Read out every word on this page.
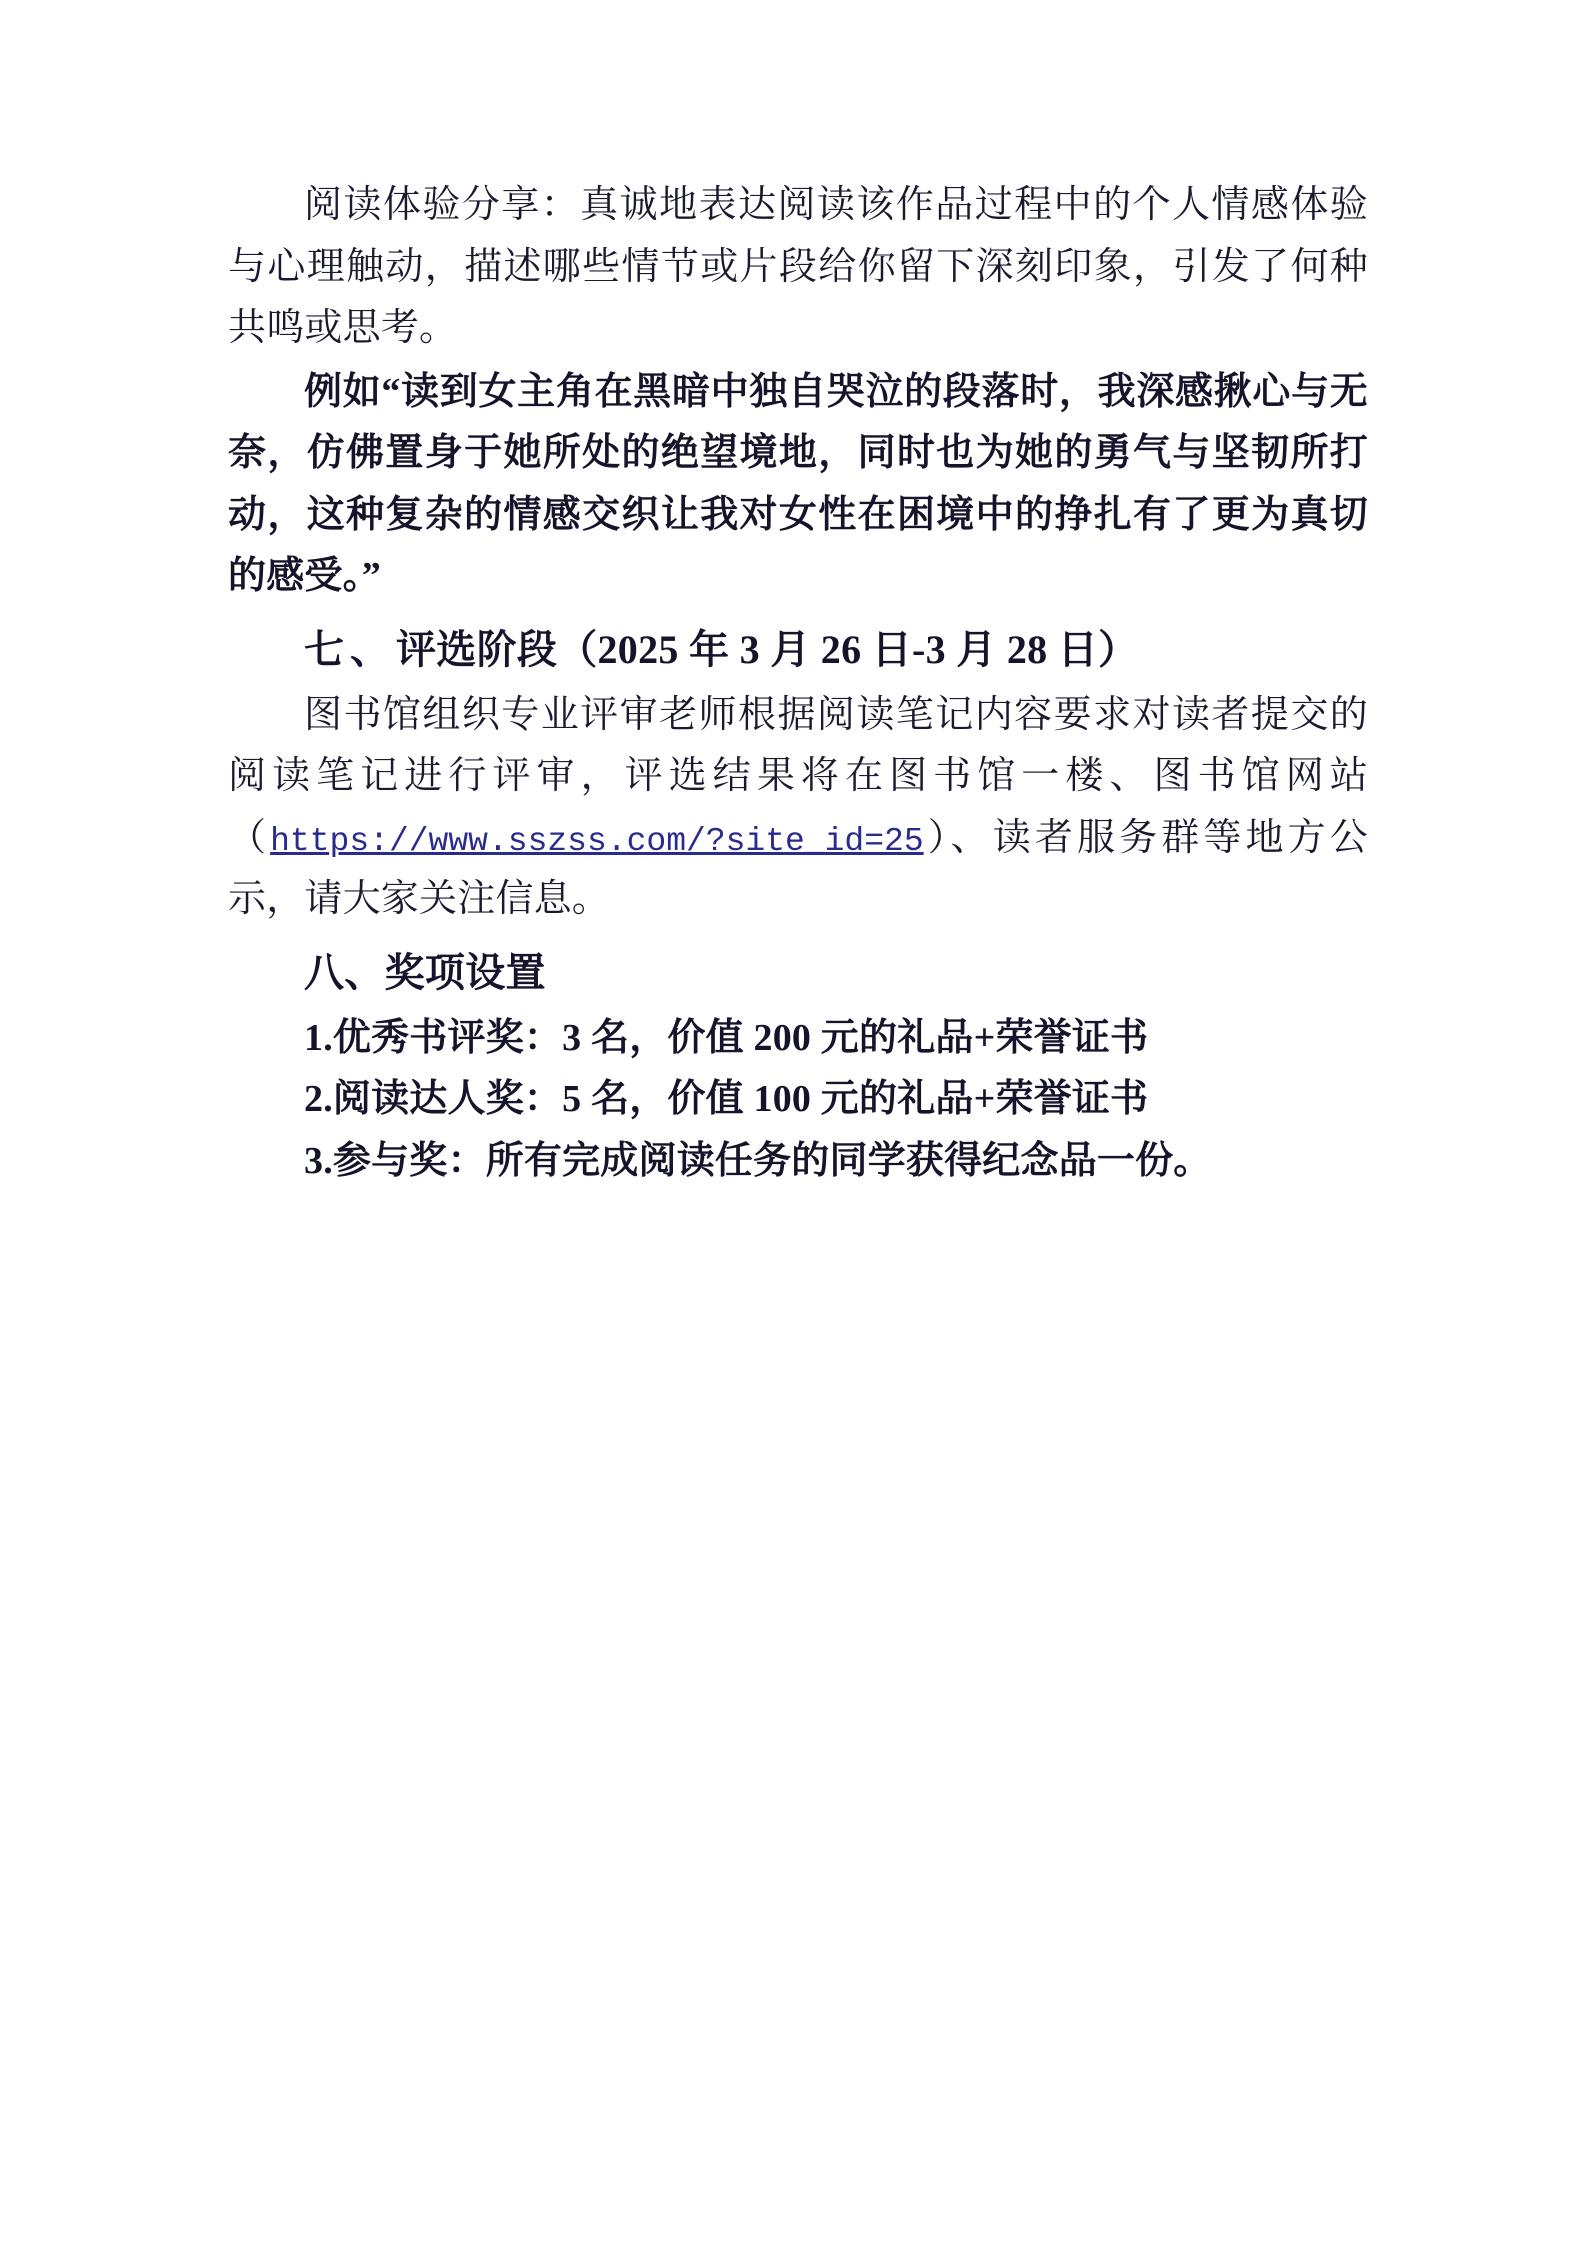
阅读体验分享：真诚地表达阅读该作品过程中的个人情感体验与心理触动，描述哪些情节或片段给你留下深刻印象，引发了何种共鸣或思考。

例如“读到女主角在黑暗中独自哭泣的段落时，我深感揪心与无奈，仿佛置身于她所处的绝望境地，同时也为她的勇气与坚韧所打动，这种复杂的情感交织让我对女性在困境中的挣扎有了更为真切的感受。”

七、评选阶段（2025 年 3 月 26 日-3 月 28 日）

图书馆组织专业评审老师根据阅读笔记内容要求对读者提交的阅读笔记进行评审，评选结果将在图书馆一楼、图书馆网站（https://www.sszss.com/?site_id=25）、读者服务群等地方公示，请大家关注信息。

八、奖项设置

1.优秀书评奖：3 名，价值 200 元的礼品+荣誉证书

2.阅读达人奖：5 名，价值 100 元的礼品+荣誉证书

3.参与奖：所有完成阅读任务的同学获得纪念品一份。
